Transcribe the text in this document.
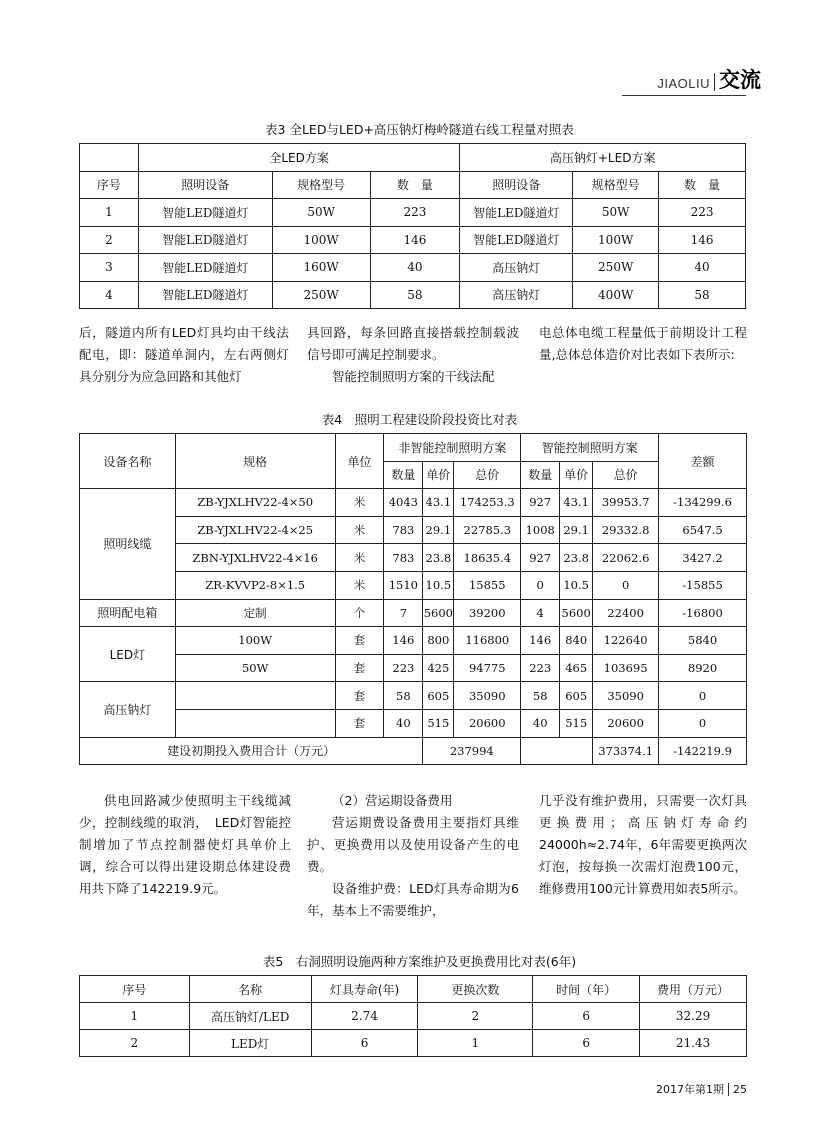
JIAOLIU 交流
表3 全LED与LED+高压钠灯梅岭隧道右线工程量对照表
	全LED方案			高压钠灯+LED方案		
序号	照明设备	规格型号	数　量	照明设备	规格型号	数　量
1	智能LED隧道灯	50W	223	智能LED隧道灯	50W	223
2	智能LED隧道灯	100W	146	智能LED隧道灯	100W	146
3	智能LED隧道灯	160W	40	高压钠灯	250W	40
4	智能LED隧道灯	250W	58	高压钠灯	400W	58

后，隧道内所有LED灯具均由干线法配电，即：隧道单洞内，左右两侧灯具分别分为应急回路和其他灯

具回路，每条回路直接搭载控制载波信号即可满足控制要求。

智能控制照明方案的干线法配

电总体电缆工程量低于前期设计工程量,总体总体造价对比表如下表所示:

表4　照明工程建设阶段投资比对表
设备名称	规格	单位	非智能控制照明方案			智能控制照明方案			差额
			数量	单价	总价	数量	单价	总价	
照明线缆	ZB-YJXLHV22-4×50	米	4043	43.1	174253.3	927	43.1	39953.7	-134299.6
	ZB-YJXLHV22-4×25	米	783	29.1	22785.3	1008	29.1	29332.8	6547.5
	ZBN-YJXLHV22-4×16	米	783	23.8	18635.4	927	23.8	22062.6	3427.2
	ZR-KVVP2-8×1.5	米	1510	10.5	15855	0	10.5	0	-15855
照明配电箱	定制	个	7	5600	39200	4	5600	22400	-16800
LED灯	100W	套	146	800	116800	146	840	122640	5840
	50W	套	223	425	94775	223	465	103695	8920
高压钠灯		套	58	605	35090	58	605	35090	0
		套	40	515	20600	40	515	20600	0
建设初期投入费用合计（万元）				237994				373374.1	-142219.9

供电回路减少使照明主干线缆减少，控制线缆的取消，　LED灯智能控制增加了节点控制器使灯具单价上调，综合可以得出建设期总体建设费用共下降了142219.9元。

（2）营运期设备费用

营运期费设备费用主要指灯具维护、更换费用以及使用设备产生的电费。

设备维护费：LED灯具寿命期为6年，基本上不需要维护，

几乎没有维护费用，只需要一次灯具更换费用；高压钠灯寿命约24000h≈2.74年，6年需要更换两次灯泡，按每换一次需灯泡费100元，维修费用100元计算费用如表5所示。

表5　右洞照明设施两种方案维护及更换费用比对表(6年)
序号	名称	灯具寿命(年)	更换次数	时间（年）	费用（万元）
1	高压钠灯/LED	2.74	2	6	32.29
2	LED灯	6	1	6	21.43
2017年第1期 25
